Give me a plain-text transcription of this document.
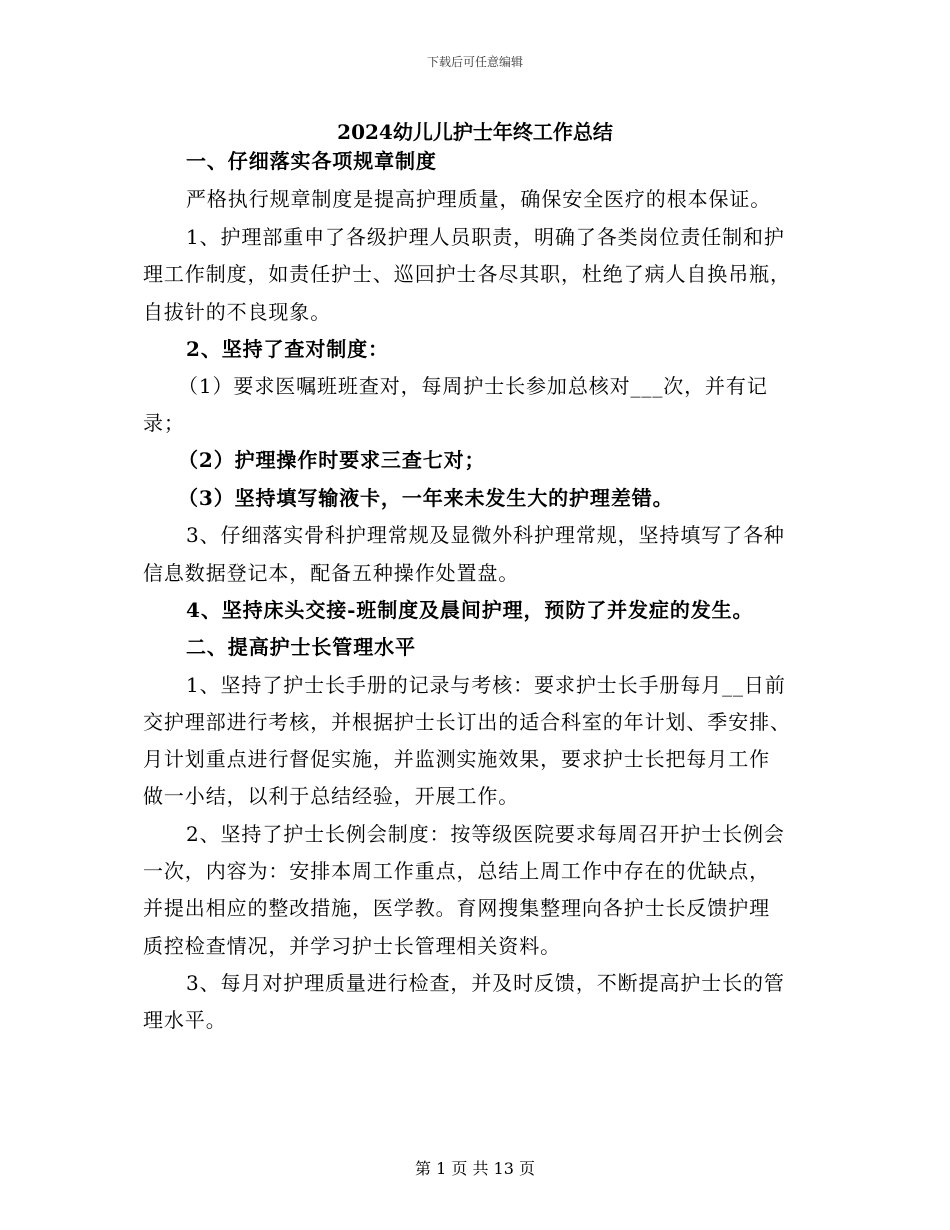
下载后可任意编辑
2024幼儿儿护士年终工作总结
一、仔细落实各项规章制度
严格执行规章制度是提高护理质量，确保安全医疗的根本保证。
1、护理部重申了各级护理人员职责，明确了各类岗位责任制和护
理工作制度，如责任护士、巡回护士各尽其职，杜绝了病人自换吊瓶，
自拔针的不良现象。
2、坚持了查对制度：
（1）要求医嘱班班查对，每周护士长参加总核对___次，并有记
录；
（2）护理操作时要求三查七对；
（3）坚持填写输液卡，一年来未发生大的护理差错。
3、仔细落实骨科护理常规及显微外科护理常规，坚持填写了各种
信息数据登记本，配备五种操作处置盘。
4、坚持床头交接-班制度及晨间护理，预防了并发症的发生。
二、提高护士长管理水平
1、坚持了护士长手册的记录与考核：要求护士长手册每月__日前
交护理部进行考核，并根据护士长订出的适合科室的年计划、季安排、
月计划重点进行督促实施，并监测实施效果，要求护士长把每月工作
做一小结，以利于总结经验，开展工作。
2、坚持了护士长例会制度：按等级医院要求每周召开护士长例会
一次，内容为：安排本周工作重点，总结上周工作中存在的优缺点，
并提出相应的整改措施，医学教。育网搜集整理向各护士长反馈护理
质控检查情况，并学习护士长管理相关资料。
3、每月对护理质量进行检查，并及时反馈，不断提高护士长的管
理水平。
第 1 页 共 13 页
